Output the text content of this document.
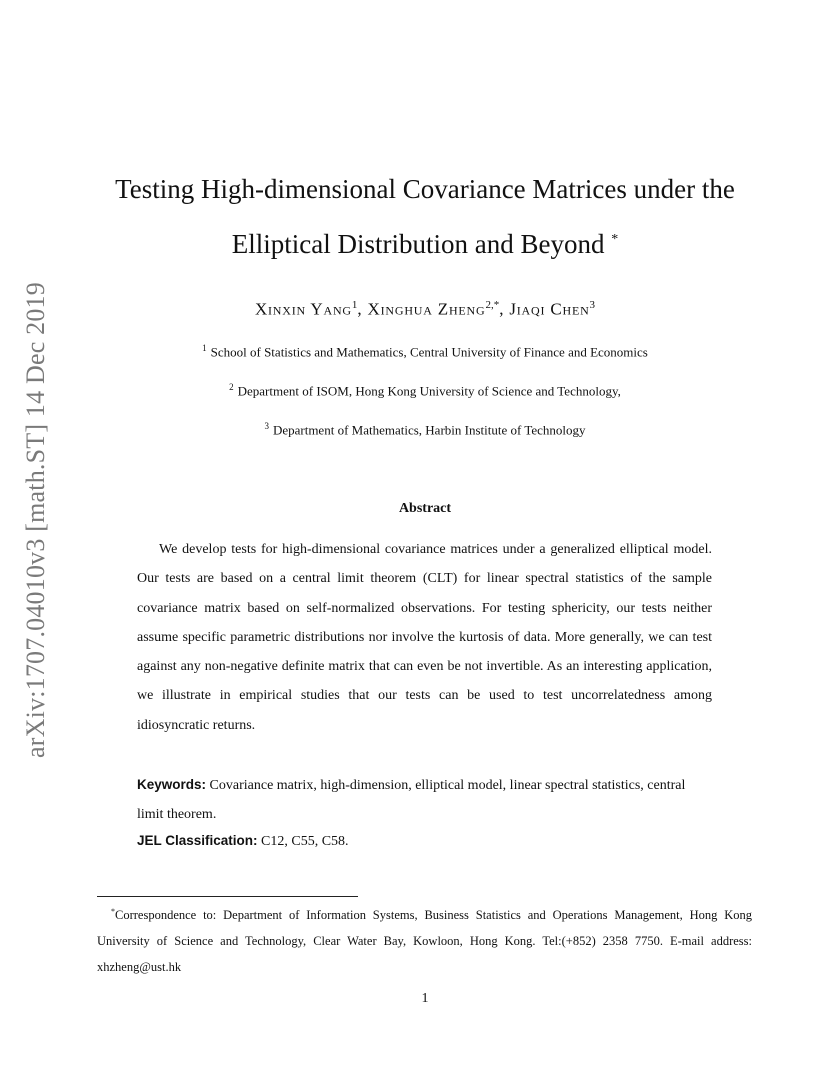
arXiv:1707.04010v3 [math.ST] 14 Dec 2019
Testing High-dimensional Covariance Matrices under the
Elliptical Distribution and Beyond *
Xinxin Yang$^1$, Xinghua Zheng$^{2,*}$, Jiaqi Chen$^3$
$^1$ School of Statistics and Mathematics, Central University of Finance and Economics
$^2$ Department of ISOM, Hong Kong University of Science and Technology,
$^3$ Department of Mathematics, Harbin Institute of Technology
Abstract
We develop tests for high-dimensional covariance matrices under a generalized elliptical model. Our tests are based on a central limit theorem (CLT) for linear spectral statistics of the sample covariance matrix based on self-normalized observations. For testing sphericity, our tests neither assume specific parametric distributions nor involve the kurtosis of data. More generally, we can test against any non-negative definite matrix that can even be not invertible. As an interesting application, we illustrate in empirical studies that our tests can be used to test uncorrelatedness among idiosyncratic returns.
Keywords: Covariance matrix, high-dimension, elliptical model, linear spectral statistics, central limit theorem.
JEL Classification: C12, C55, C58.
*Correspondence to: Department of Information Systems, Business Statistics and Operations Management, Hong Kong University of Science and Technology, Clear Water Bay, Kowloon, Hong Kong. Tel:(+852) 2358 7750. E-mail address: xhzheng@ust.hk
1
